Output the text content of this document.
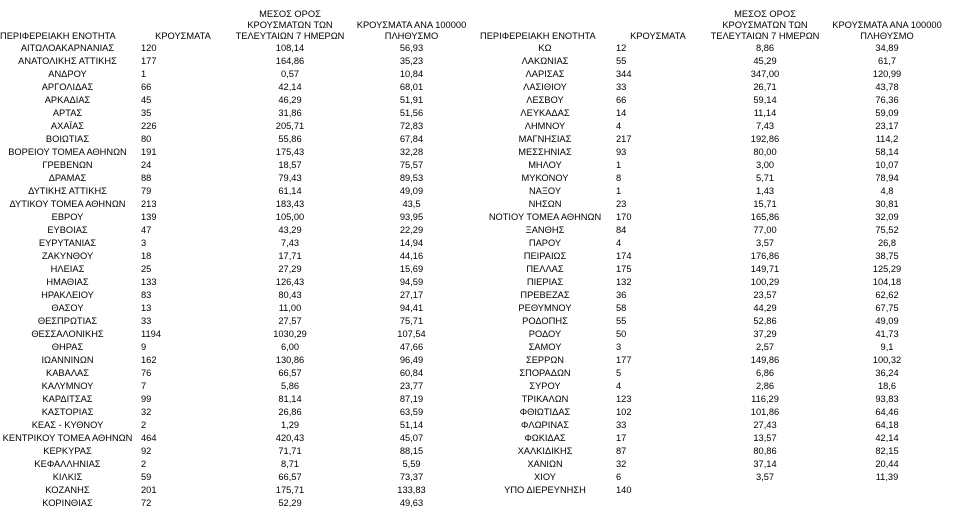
ΠΕΡΙΦΕΡΕΙΑΚΗ ΕΝΟΤΗΤΑ	ΚΡΟΥΣΜΑΤΑ	ΜΕΣΟΣ ΟΡΟΣ ΚΡΟΥΣΜΑΤΩΝ ΤΩΝ ΤΕΛΕΥΤΑΙΩΝ 7 ΗΜΕΡΩΝ	ΚΡΟΥΣΜΑΤΑ ΑΝΑ 100000 ΠΛΗΘΥΣΜΟ
ΑΙΤΩΛΟΑΚΑΡΝΑΝΙΑΣ	120	108,14	56,93
ΑΝΑΤΟΛΙΚΗΣ ΑΤΤΙΚΗΣ	177	164,86	35,23
ΑΝΔΡΟΥ	1	0,57	10,84
ΑΡΓΟΛΙΔΑΣ	66	42,14	68,01
ΑΡΚΑΔΙΑΣ	45	46,29	51,91
ΑΡΤΑΣ	35	31,86	51,56
ΑΧΑΪΑΣ	226	205,71	72,83
ΒΟΙΩΤΙΑΣ	80	55,86	67,84
ΒΟΡΕΙΟΥ ΤΟΜΕΑ ΑΘΗΝΩΝ	191	175,43	32,28
ΓΡΕΒΕΝΩΝ	24	18,57	75,57
ΔΡΑΜΑΣ	88	79,43	89,53
ΔΥΤΙΚΗΣ ΑΤΤΙΚΗΣ	79	61,14	49,09
ΔΥΤΙΚΟΥ ΤΟΜΕΑ ΑΘΗΝΩΝ	213	183,43	43,5
ΕΒΡΟΥ	139	105,00	93,95
ΕΥΒΟΙΑΣ	47	43,29	22,29
ΕΥΡΥΤΑΝΙΑΣ	3	7,43	14,94
ΖΑΚΥΝΘΟΥ	18	17,71	44,16
ΗΛΕΙΑΣ	25	27,29	15,69
ΗΜΑΘΙΑΣ	133	126,43	94,59
ΗΡΑΚΛΕΙΟΥ	83	80,43	27,17
ΘΑΣΟΥ	13	11,00	94,41
ΘΕΣΠΡΩΤΙΑΣ	33	27,57	75,71
ΘΕΣΣΑΛΟΝΙΚΗΣ	1194	1030,29	107,54
ΘΗΡΑΣ	9	6,00	47,66
ΙΩΑΝΝΙΝΩΝ	162	130,86	96,49
ΚΑΒΑΛΑΣ	76	66,57	60,84
ΚΑΛΥΜΝΟΥ	7	5,86	23,77
ΚΑΡΔΙΤΣΑΣ	99	81,14	87,19
ΚΑΣΤΟΡΙΑΣ	32	26,86	63,59
ΚΕΑΣ - ΚΥΘΝΟΥ	2	1,29	51,14
ΚΕΝΤΡΙΚΟΥ ΤΟΜΕΑ ΑΘΗΝΩΝ	464	420,43	45,07
ΚΕΡΚΥΡΑΣ	92	71,71	88,15
ΚΕΦΑΛΛΗΝΙΑΣ	2	8,71	5,59
ΚΙΛΚΙΣ	59	66,57	73,37
ΚΟΖΑΝΗΣ	201	175,71	133,83
ΚΟΡΙΝΘΙΑΣ	72	52,29	49,63
ΠΕΡΙΦΕΡΕΙΑΚΗ ΕΝΟΤΗΤΑ	ΚΡΟΥΣΜΑΤΑ	ΜΕΣΟΣ ΟΡΟΣ ΚΡΟΥΣΜΑΤΩΝ ΤΩΝ ΤΕΛΕΥΤΑΙΩΝ 7 ΗΜΕΡΩΝ	ΚΡΟΥΣΜΑΤΑ ΑΝΑ 100000 ΠΛΗΘΥΣΜΟ
ΚΩ	12	8,86	34,89
ΛΑΚΩΝΙΑΣ	55	45,29	61,7
ΛΑΡΙΣΑΣ	344	347,00	120,99
ΛΑΣΙΘΙΟΥ	33	26,71	43,78
ΛΕΣΒΟΥ	66	59,14	76,36
ΛΕΥΚΑΔΑΣ	14	11,14	59,09
ΛΗΜΝΟΥ	4	7,43	23,17
ΜΑΓΝΗΣΙΑΣ	217	192,86	114,2
ΜΕΣΣΗΝΙΑΣ	93	80,00	58,14
ΜΗΛΟΥ	1	3,00	10,07
ΜΥΚΟΝΟΥ	8	5,71	78,94
ΝΑΞΟΥ	1	1,43	4,8
ΝΗΣΩΝ	23	15,71	30,81
ΝΟΤΙΟΥ ΤΟΜΕΑ ΑΘΗΝΩΝ	170	165,86	32,09
ΞΑΝΘΗΣ	84	77,00	75,52
ΠΑΡΟΥ	4	3,57	26,8
ΠΕΙΡΑΙΩΣ	174	176,86	38,75
ΠΕΛΛΑΣ	175	149,71	125,29
ΠΙΕΡΙΑΣ	132	100,29	104,18
ΠΡΕΒΕΖΑΣ	36	23,57	62,62
ΡΕΘΥΜΝΟΥ	58	44,29	67,75
ΡΟΔΟΠΗΣ	55	52,86	49,09
ΡΟΔΟΥ	50	37,29	41,73
ΣΑΜΟΥ	3	2,57	9,1
ΣΕΡΡΩΝ	177	149,86	100,32
ΣΠΟΡΑΔΩΝ	5	6,86	36,24
ΣΥΡΟΥ	4	2,86	18,6
ΤΡΙΚΑΛΩΝ	123	116,29	93,83
ΦΘΙΩΤΙΔΑΣ	102	101,86	64,46
ΦΛΩΡΙΝΑΣ	33	27,43	64,18
ΦΩΚΙΔΑΣ	17	13,57	42,14
ΧΑΛΚΙΔΙΚΗΣ	87	80,86	82,15
ΧΑΝΙΩΝ	32	37,14	20,44
ΧΙΟΥ	6	3,57	11,39
ΥΠΟ ΔΙΕΡΕΥΝΗΣΗ	140		
